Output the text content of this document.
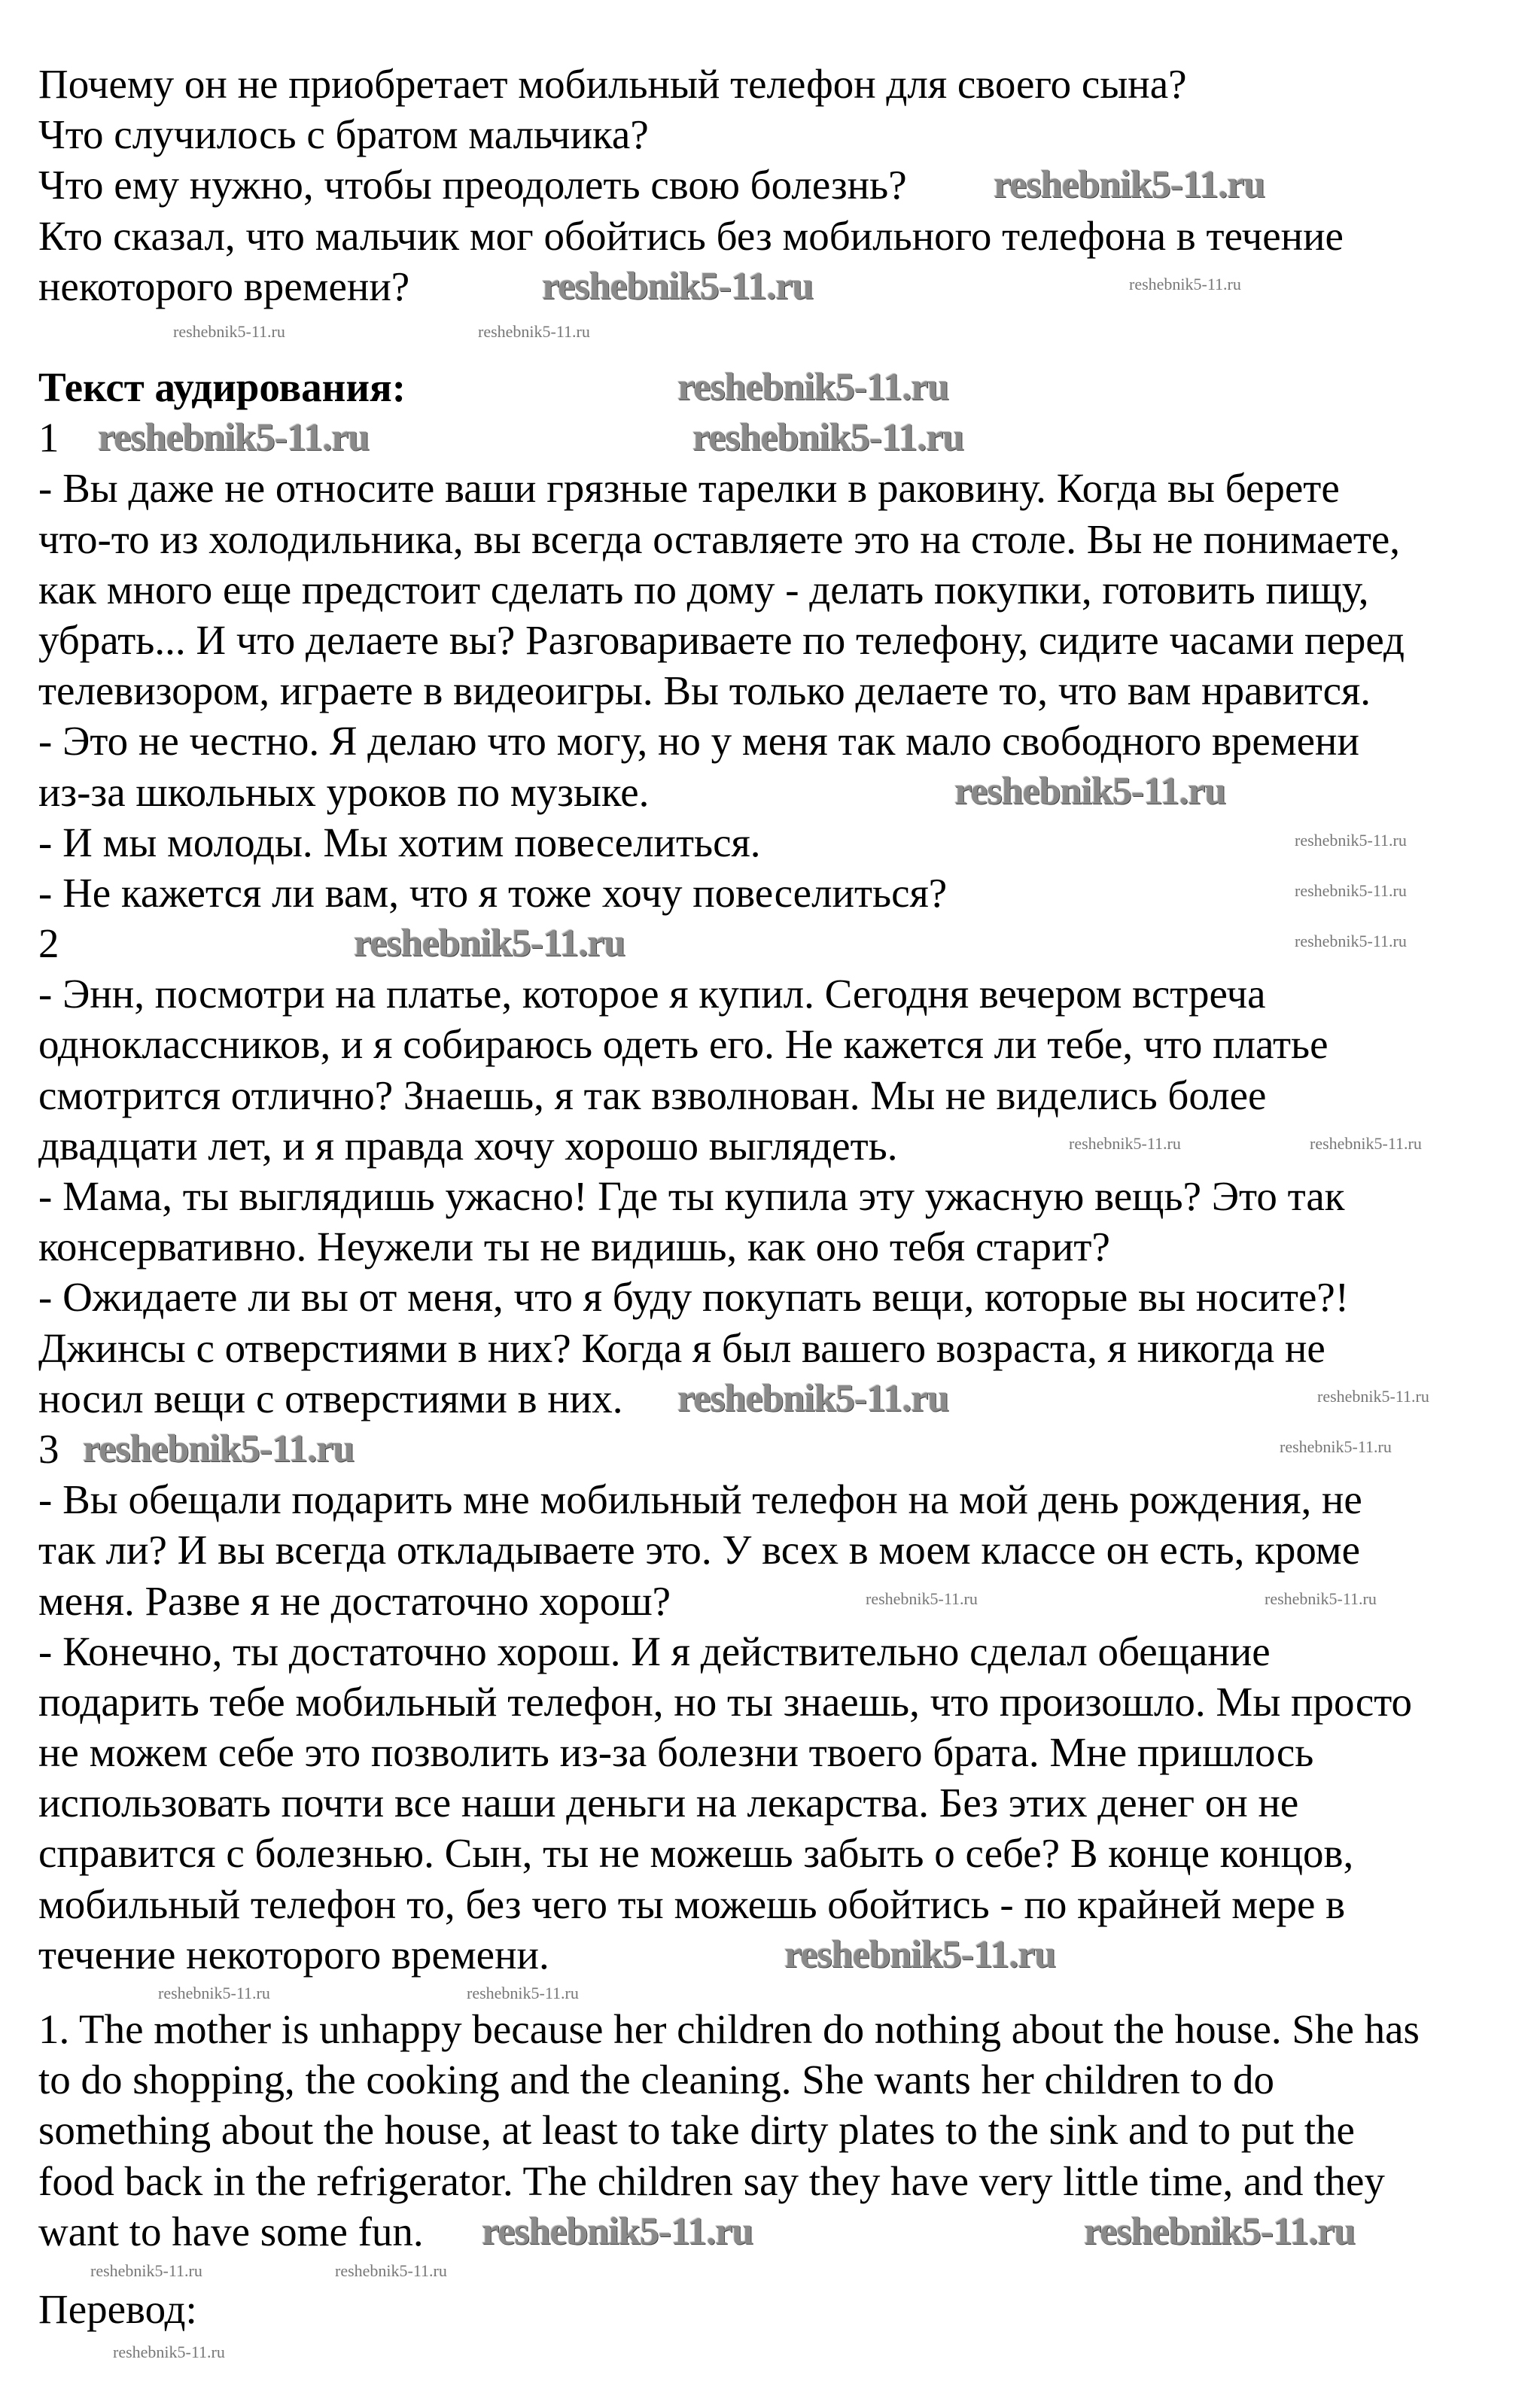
Почему он не приобретает мобильный телефон для своего сына?
Что случилось с братом мальчика?
Что ему нужно, чтобы преодолеть свою болезнь?
Кто сказал, что мальчик мог обойтись без мобильного телефона в течение
некоторого времени?
Текст аудирования:
1
- Вы даже не относите ваши грязные тарелки в раковину. Когда вы берете
что-то из холодильника, вы всегда оставляете это на столе. Вы не понимаете,
как много еще предстоит сделать по дому - делать покупки, готовить пищу,
убрать... И что делаете вы? Разговариваете по телефону, сидите часами перед
телевизором, играете в видеоигры. Вы только делаете то, что вам нравится.
- Это не честно. Я делаю что могу, но у меня так мало свободного времени
из-за школьных уроков по музыке.
- И мы молоды. Мы хотим повеселиться.
- Не кажется ли вам, что я тоже хочу повеселиться?
2
- Энн, посмотри на платье, которое я купил. Сегодня вечером встреча
одноклассников, и я собираюсь одеть его. Не кажется ли тебе, что платье
смотрится отлично? Знаешь, я так взволнован. Мы не виделись более
двадцати лет, и я правда хочу хорошо выглядеть.
- Мама, ты выглядишь ужасно! Где ты купила эту ужасную вещь? Это так
консервативно. Неужели ты не видишь, как оно тебя старит?
- Ожидаете ли вы от меня, что я буду покупать вещи, которые вы носите?!
Джинсы с отверстиями в них? Когда я был вашего возраста, я никогда не
носил вещи с отверстиями в них.
3
- Вы обещали подарить мне мобильный телефон на мой день рождения, не
так ли? И вы всегда откладываете это. У всех в моем классе он есть, кроме
меня. Разве я не достаточно хорош?
- Конечно, ты достаточно хорош. И я действительно сделал обещание
подарить тебе мобильный телефон, но ты знаешь, что произошло. Мы просто
не можем себе это позволить из-за болезни твоего брата. Мне пришлось
использовать почти все наши деньги на лекарства. Без этих денег он не
справится с болезнью. Сын, ты не можешь забыть о себе? В конце концов,
мобильный телефон то, без чего ты можешь обойтись - по крайней мере в
течение некоторого времени.
1. The mother is unhappy because her children do nothing about the house. She has
to do shopping, the cooking and the cleaning. She wants her children to do
something about the house, at least to take dirty plates to the sink and to put the
food back in the refrigerator. The children say they have very little time, and they
want to have some fun.
Перевод:
reshebnik5-11.ru
reshebnik5-11.ru
reshebnik5-11.ru
reshebnik5-11.ru	reshebnik5-11.ru
reshebnik5-11.ru
reshebnik5-11.ru
reshebnik5-11.ru
reshebnik5-11.ru
reshebnik5-11.ru
reshebnik5-11.ru	reshebnik5-11.ru
reshebnik5-11.ru
reshebnik5-11.ru	reshebnik5-11.ru
reshebnik5-11.ru
reshebnik5-11.ru
reshebnik5-11.ru
reshebnik5-11.ru	reshebnik5-11.ru
reshebnik5-11.ru
reshebnik5-11.ru
reshebnik5-11.ru	reshebnik5-11.ru
reshebnik5-11.ru	reshebnik5-11.ru
reshebnik5-11.ru	reshebnik5-11.ru
reshebnik5-11.ru
